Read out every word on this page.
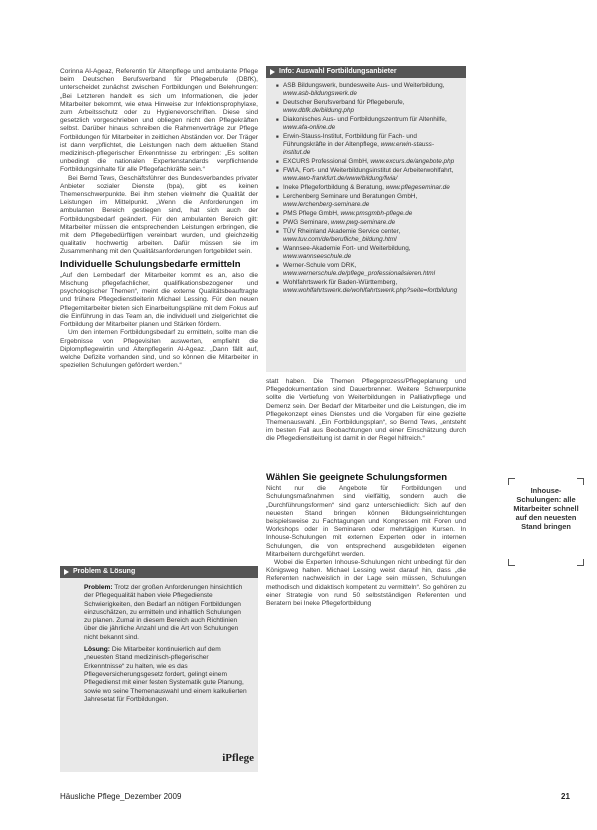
Corinna Al-Ageaz, Referentin für Altenpflege und ambulante Pflege beim Deutschen Berufsverband für Pflegeberufe (DBfK), unterscheidet zunächst zwischen Fortbildungen und Belehrungen: „Bei Letzteren handelt es sich um Informationen, die jeder Mitarbeiter bekommt, wie etwa Hinweise zur Infektionsprophylaxe, zum Arbeitsschutz oder zu Hygienevorschriften. Diese sind gesetzlich vorgeschrieben und obliegen nicht den Pflegekräften selbst. Darüber hinaus schreiben die Rahmenverträge zur Pflege Fortbildungen für Mitarbeiter in zeitlichen Abständen vor. Der Träger ist dann verpflichtet, die Leistungen nach dem aktuellen Stand medizinisch-pflegerischer Erkenntnisse zu erbringen: „Es sollten unbedingt die nationalen Expertenstandards verpflichtende Fortbildungsinhalte für alle Pflegefachkräfte sein.“

Bei Bernd Tews, Geschäftsführer des Bundesverbandes privater Anbieter sozialer Dienste (bpa), gibt es keinen Themenschwerpunkte. Bei ihm stehen vielmehr die Qualität der Leistungen im Mittelpunkt. „Wenn die Anforderungen im ambulanten Bereich gestiegen sind, hat sich auch der Fortbildungsbedarf geändert. Für den ambulanten Bereich gilt: Mitarbeiter müssen die entsprechenden Leistungen erbringen, die mit dem Pflegebedürftigen vereinbart wurden, und gleichzeitig qualitativ hochwertig arbeiten. Dafür müssen sie im Zusammenhang mit den Qualitätsanforderungen fortgebildet sein.

Individuelle Schulungsbedarfe ermitteln

„Auf den Lernbedarf der Mitarbeiter kommt es an, also die Mischung pflegefachlicher, qualifikationsbezogener und psychologischer Themen“, meint die externe Qualitätsbeauftragte und frühere Pflegedienstleiterin Michael Lessing. Für den neuen Pflegemitarbeiter bieten sich Einarbeitungspläne mit dem Fokus auf die Einführung in das Team an, die individuell und zielgerichtet die Fortbildung der Mitarbeiter planen und Stärken fördern.

Um den internen Fortbildungsbedarf zu ermitteln, sollte man die Ergebnisse von Pflegevisiten auswerten, empfiehlt die Diplompflegewirtin und Altenpflegerin Al-Ageaz. „Dann fällt auf, welche Defizite vorhanden sind, und so können die Mitarbeiter in speziellen Schulungen gefördert werden.“

Info: Auswahl Fortbildungsanbieter
■ ASB Bildungswerk, bundesweite Aus- und Weiterbildung, www.asb-bildungswerk.de
■ Deutscher Berufsverband für Pflegeberufe, www.dbfk.de/bildung.php
■ Diakonisches Aus- und Fortbildungszentrum für Altenhilfe, www.afa-online.de
■ Erwin-Stauss-Institut, Fortbildung für Fach- und Führungskräfte in der Altenpflege, www.erwin-stauss-institut.de
■ EXCURS Professional GmbH, www.excurs.de/angebote.php
■ FWIA, Fort- und Weiterbildungsinstitut der Arbeiterwohlfahrt, www.awo-frankfurt.de/www/bildung/fwia/
■ Ineke Pflegefortbildung & Beratung, www.pflegeseminar.de
■ Lerchenberg Seminare und Beratungen GmbH, www.lerchenberg-seminare.de
■ PMS Pflege GmbH, www.pmsgmbh-pflege.de
■ PWG Seminare, www.pwg-seminare.de
■ TÜV Rheinland Akademie Service center, www.tuv.com/de/berufliche_bildung.html
■ Wannsee-Akademie Fort- und Weiterbildung, www.wannseeschule.de
■ Werner-Schule vom DRK, www.wernerschule.de/pflege_professionalisieren.html
■ Wohlfahrtswerk für Baden-Württemberg, www.wohlfahrtswerk.de/wohlfahrtswerk.php?seite=fortbildung

statt haben. Die Themen Pflegeprozess/Pflegeplanung und Pflegedokumentation sind Dauerbrenner. Weitere Schwerpunkte sollte die Vertiefung von Weiterbildungen in Palliativpflege und Demenz sein. Der Bedarf der Mitarbeiter und die Leistungen, die im Pflegekonzept eines Dienstes und die Vorgaben für eine gezielte Themenauswahl. „Ein Fortbildungsplan“, so Bernd Tews, „entsteht im besten Fall aus Beobachtungen und einer Einschätzung durch die Pflegedienstleitung ist damit in der Regel hilfreich.“

Wählen Sie geeignete Schulungsformen

Nicht nur die Angebote für Fortbildungen und Schulungsmaßnahmen sind vielfältig, sondern auch die „Durchführungsformen“ sind ganz unterschiedlich: Sich auf den neuesten Stand bringen können Bildungseinrichtungen beispielsweise zu Fachtagungen und Kongressen mit Foren und Workshops oder in Seminaren oder mehrtägigen Kursen. In Inhouse-Schulungen mit externen Experten oder in internen Schulungen, die von entsprechend ausgebildeten eigenen Mitarbeitern durchgeführt werden.

Wobei die Experten Inhouse-Schulungen nicht unbedingt für den Königsweg halten. Michael Lessing weist darauf hin, dass „die Referenten nachweislich in der Lage sein müssen, Schulungen methodisch und didaktisch kompetent zu vermitteln“. So gehören zu einer Strategie von rund 50 selbstständigen Referenten und Beratern bei Ineke Pflegefortbildung

Problem & Lösung

Problem: Trotz der großen Anforderungen hinsichtlich der Pflegequalität haben viele Pflegedienste Schwierigkeiten, den Bedarf an nötigen Fortbildungen einzuschätzen, zu ermitteln und inhaltlich Schulungen zu planen. Zumal in diesem Bereich auch Richtlinien über die jährliche Anzahl und die Art von Schulungen nicht bekannt sind.

Lösung: Die Mitarbeiter kontinuierlich auf dem „neuesten Stand medizinisch-pflegerischer Erkenntnisse“ zu halten, wie es das Pflegeversicherungsgesetz fordert, gelingt einem Pflegedienst mit einer festen Systematik gute Planung, sowie wo seine Themenauswahl und einem kalkulierten Jahresetat für Fortbildungen.

iPflege
Inhouse-Schulungen: alle Mitarbeiter schnell auf den neuesten Stand bringen
Häusliche Pflege_Dezember 2009	21
